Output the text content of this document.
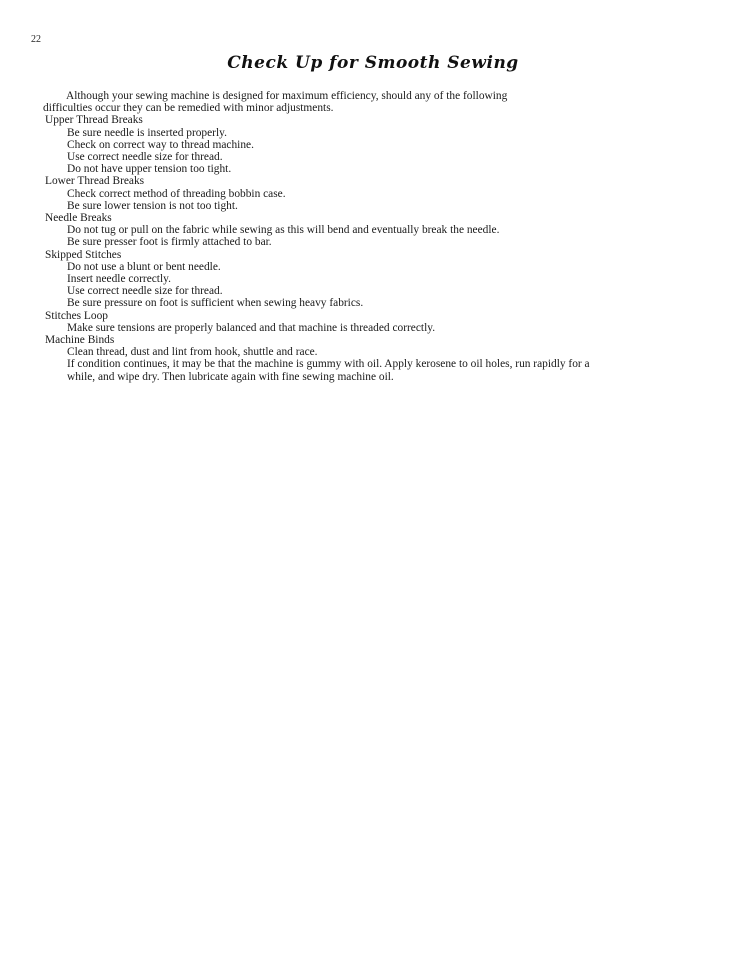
22
Check Up for Smooth Sewing
Although your sewing machine is designed for maximum efficiency, should any of the following
difficulties occur they can be remedied with minor adjustments.
Upper Thread Breaks
Be sure needle is inserted properly.
Check on correct way to thread machine.
Use correct needle size for thread.
Do not have upper tension too tight.
Lower Thread Breaks
Check correct method of threading bobbin case.
Be sure lower tension is not too tight.
Needle Breaks
Do not tug or pull on the fabric while sewing as this will bend and eventually break the needle.
Be sure presser foot is firmly attached to bar.
Skipped Stitches
Do not use a blunt or bent needle.
Insert needle correctly.
Use correct needle size for thread.
Be sure pressure on foot is sufficient when sewing heavy fabrics.
Stitches Loop
Make sure tensions are properly balanced and that machine is threaded correctly.
Machine Binds
Clean thread, dust and lint from hook, shuttle and race.
If condition continues, it may be that the machine is gummy with oil. Apply kerosene to oil holes, run rapidly for a while, and wipe dry. Then lubricate again with fine sewing machine oil.
